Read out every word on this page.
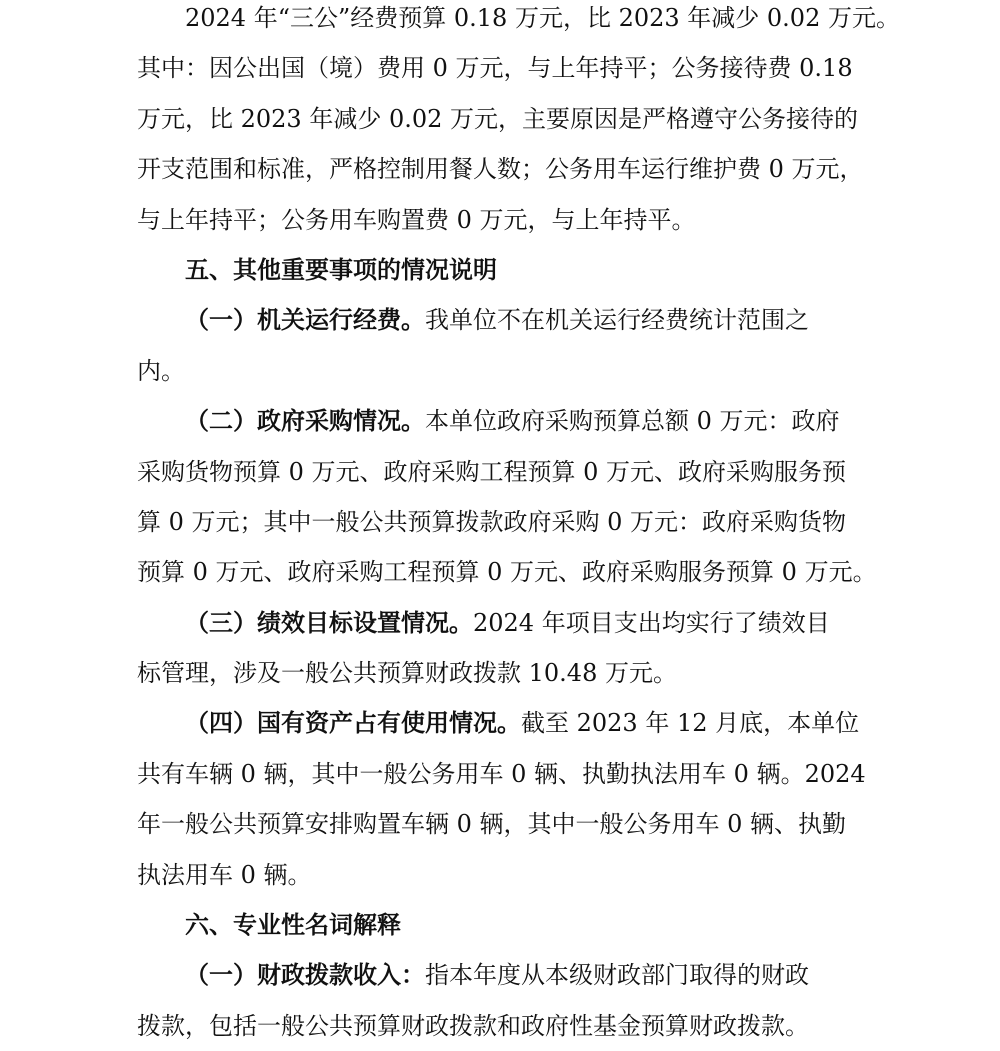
2024 年“三公”经费预算 0.18 万元，比 2023 年减少 0.02 万元。
其中：因公出国（境）费用 0 万元，与上年持平；公务接待费 0.18
万元，比 2023 年减少 0.02 万元，主要原因是严格遵守公务接待的
开支范围和标准，严格控制用餐人数；公务用车运行维护费 0 万元，
与上年持平；公务用车购置费 0 万元，与上年持平。
五、其他重要事项的情况说明
（一）机关运行经费。我单位不在机关运行经费统计范围之
内。
（二）政府采购情况。本单位政府采购预算总额 0 万元：政府
采购货物预算 0 万元、政府采购工程预算 0 万元、政府采购服务预
算 0 万元；其中一般公共预算拨款政府采购 0 万元：政府采购货物
预算 0 万元、政府采购工程预算 0 万元、政府采购服务预算 0 万元。
（三）绩效目标设置情况。2024 年项目支出均实行了绩效目
标管理，涉及一般公共预算财政拨款 10.48 万元。
（四）国有资产占有使用情况。截至 2023 年 12 月底，本单位
共有车辆 0 辆，其中一般公务用车 0 辆、执勤执法用车 0 辆。2024
年一般公共预算安排购置车辆 0 辆，其中一般公务用车 0 辆、执勤
执法用车 0 辆。
六、专业性名词解释
（一）财政拨款收入：指本年度从本级财政部门取得的财政
拨款，包括一般公共预算财政拨款和政府性基金预算财政拨款。
